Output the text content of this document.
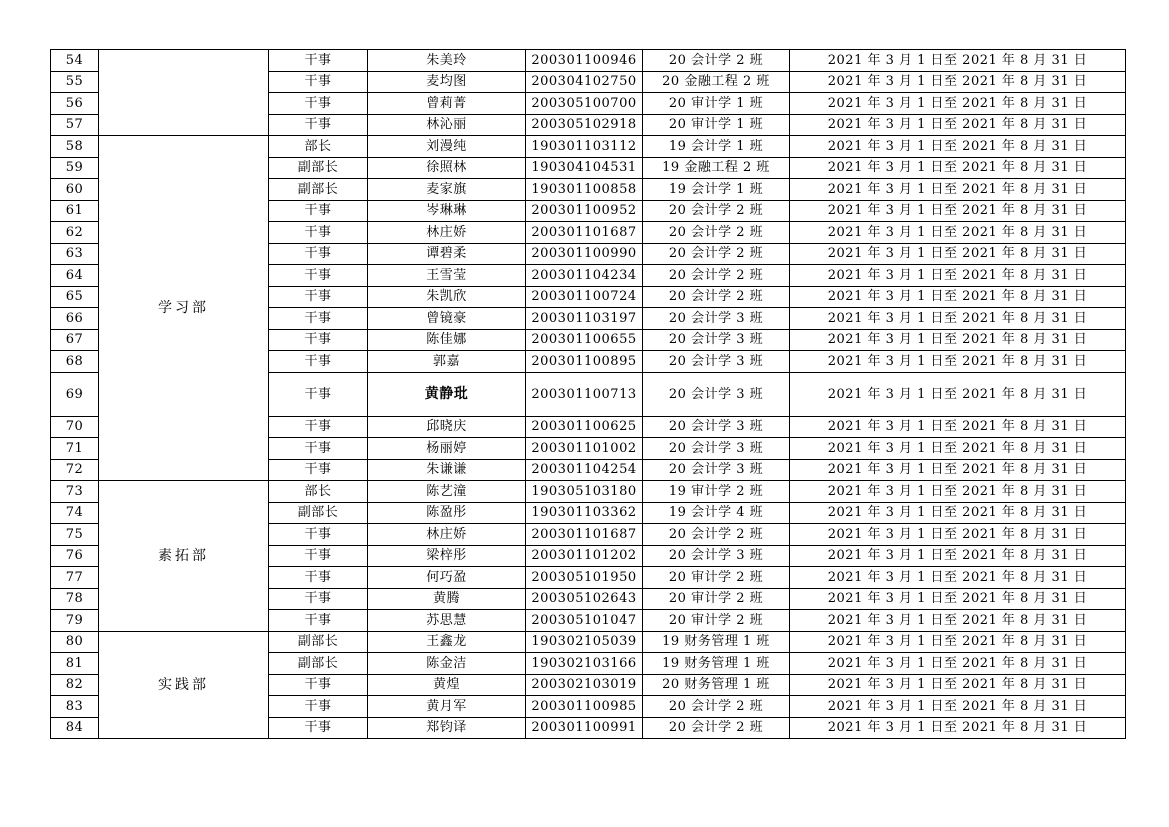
54		干事	朱美玲	200301100946	20 会计学 2 班	2021 年 3 月 1 日至 2021 年 8 月 31 日
55		干事	麦均图	200304102750	20 金融工程 2 班	2021 年 3 月 1 日至 2021 年 8 月 31 日
56		干事	曾莉菁	200305100700	20 审计学 1 班	2021 年 3 月 1 日至 2021 年 8 月 31 日
57		干事	林沁丽	200305102918	20 审计学 1 班	2021 年 3 月 1 日至 2021 年 8 月 31 日
58	学习部	部长	刘漫纯	190301103112	19 会计学 1 班	2021 年 3 月 1 日至 2021 年 8 月 31 日
59		副部长	徐照林	190304104531	19 金融工程 2 班	2021 年 3 月 1 日至 2021 年 8 月 31 日
60		副部长	麦家旗	190301100858	19 会计学 1 班	2021 年 3 月 1 日至 2021 年 8 月 31 日
61		干事	岑琳琳	200301100952	20 会计学 2 班	2021 年 3 月 1 日至 2021 年 8 月 31 日
62		干事	林庄娇	200301101687	20 会计学 2 班	2021 年 3 月 1 日至 2021 年 8 月 31 日
63		干事	谭碧柔	200301100990	20 会计学 2 班	2021 年 3 月 1 日至 2021 年 8 月 31 日
64		干事	王雪莹	200301104234	20 会计学 2 班	2021 年 3 月 1 日至 2021 年 8 月 31 日
65		干事	朱凯欣	200301100724	20 会计学 2 班	2021 年 3 月 1 日至 2021 年 8 月 31 日
66		干事	曾镜豪	200301103197	20 会计学 3 班	2021 年 3 月 1 日至 2021 年 8 月 31 日
67		干事	陈佳娜	200301100655	20 会计学 3 班	2021 年 3 月 1 日至 2021 年 8 月 31 日
68		干事	郭嘉	200301100895	20 会计学 3 班	2021 年 3 月 1 日至 2021 年 8 月 31 日
69		干事	黄静玭	200301100713	20 会计学 3 班	2021 年 3 月 1 日至 2021 年 8 月 31 日
70		干事	邱晓庆	200301100625	20 会计学 3 班	2021 年 3 月 1 日至 2021 年 8 月 31 日
71		干事	杨丽婷	200301101002	20 会计学 3 班	2021 年 3 月 1 日至 2021 年 8 月 31 日
72		干事	朱谦谦	200301104254	20 会计学 3 班	2021 年 3 月 1 日至 2021 年 8 月 31 日
73	素拓部	部长	陈艺潼	190305103180	19 审计学 2 班	2021 年 3 月 1 日至 2021 年 8 月 31 日
74		副部长	陈盈彤	190301103362	19 会计学 4 班	2021 年 3 月 1 日至 2021 年 8 月 31 日
75		干事	林庄娇	200301101687	20 会计学 2 班	2021 年 3 月 1 日至 2021 年 8 月 31 日
76		干事	梁梓彤	200301101202	20 会计学 3 班	2021 年 3 月 1 日至 2021 年 8 月 31 日
77		干事	何巧盈	200305101950	20 审计学 2 班	2021 年 3 月 1 日至 2021 年 8 月 31 日
78		干事	黄腾	200305102643	20 审计学 2 班	2021 年 3 月 1 日至 2021 年 8 月 31 日
79		干事	苏思慧	200305101047	20 审计学 2 班	2021 年 3 月 1 日至 2021 年 8 月 31 日
80	实践部	副部长	王鑫龙	190302105039	19 财务管理 1 班	2021 年 3 月 1 日至 2021 年 8 月 31 日
81		副部长	陈金洁	190302103166	19 财务管理 1 班	2021 年 3 月 1 日至 2021 年 8 月 31 日
82		干事	黄煌	200302103019	20 财务管理 1 班	2021 年 3 月 1 日至 2021 年 8 月 31 日
83		干事	黄月军	200301100985	20 会计学 2 班	2021 年 3 月 1 日至 2021 年 8 月 31 日
84		干事	郑钧译	200301100991	20 会计学 2 班	2021 年 3 月 1 日至 2021 年 8 月 31 日
